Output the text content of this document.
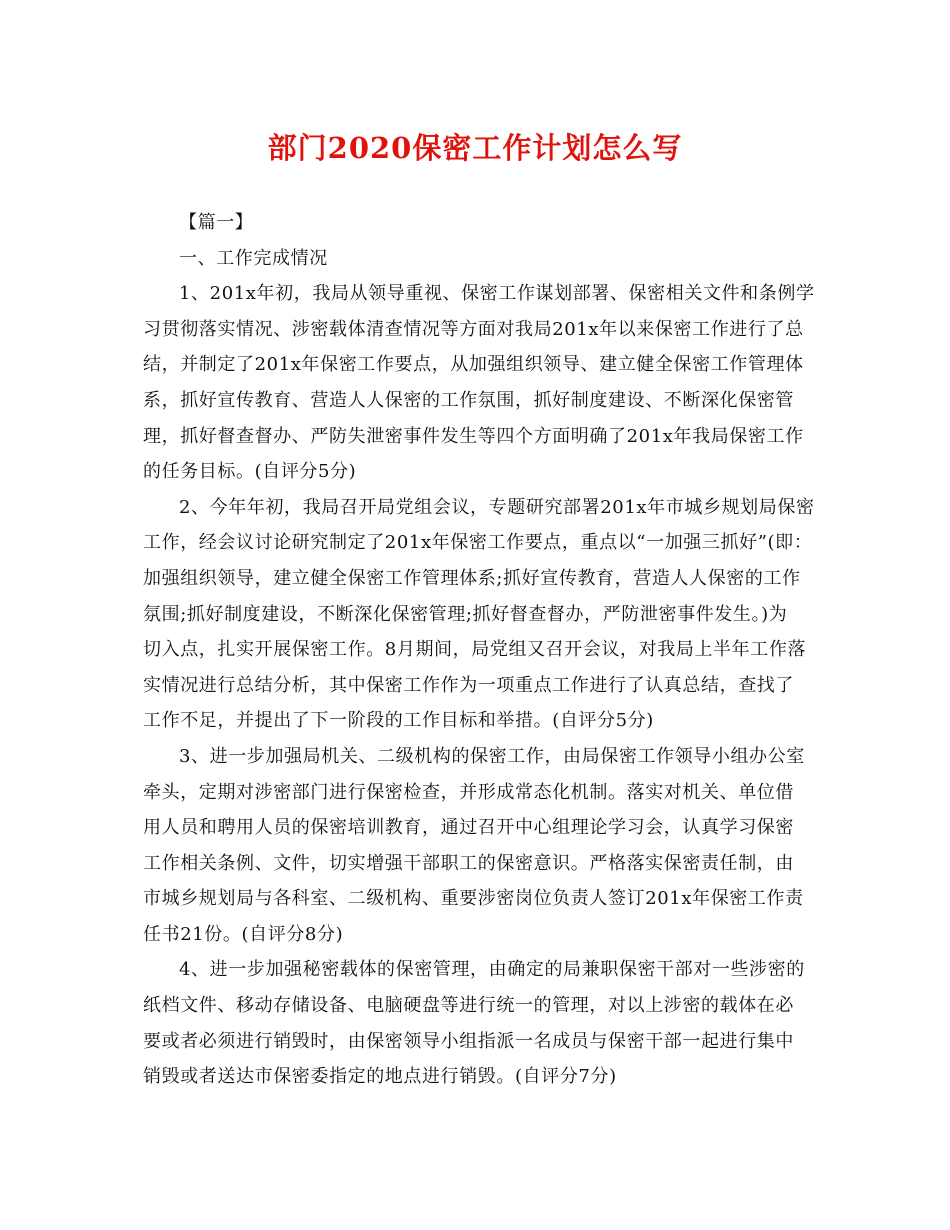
部门2020保密工作计划怎么写
【篇一】
一、工作完成情况
1、201x年初，我局从领导重视、保密工作谋划部署、保密相关文件和条例学
习贯彻落实情况、涉密载体清查情况等方面对我局201x年以来保密工作进行了总
结，并制定了201x年保密工作要点，从加强组织领导、建立健全保密工作管理体
系，抓好宣传教育、营造人人保密的工作氛围，抓好制度建设、不断深化保密管
理，抓好督查督办、严防失泄密事件发生等四个方面明确了201x年我局保密工作
的任务目标。(自评分5分)
2、今年年初，我局召开局党组会议，专题研究部署201x年市城乡规划局保密
工作，经会议讨论研究制定了201x年保密工作要点，重点以“一加强三抓好”(即：
加强组织领导，建立健全保密工作管理体系;抓好宣传教育，营造人人保密的工作
氛围;抓好制度建设，不断深化保密管理;抓好督查督办，严防泄密事件发生。)为
切入点，扎实开展保密工作。8月期间，局党组又召开会议，对我局上半年工作落
实情况进行总结分析，其中保密工作作为一项重点工作进行了认真总结，查找了
工作不足，并提出了下一阶段的工作目标和举措。(自评分5分)
3、进一步加强局机关、二级机构的保密工作，由局保密工作领导小组办公室
牵头，定期对涉密部门进行保密检查，并形成常态化机制。落实对机关、单位借
用人员和聘用人员的保密培训教育，通过召开中心组理论学习会，认真学习保密
工作相关条例、文件，切实增强干部职工的保密意识。严格落实保密责任制，由
市城乡规划局与各科室、二级机构、重要涉密岗位负责人签订201x年保密工作责
任书21份。(自评分8分)
4、进一步加强秘密载体的保密管理，由确定的局兼职保密干部对一些涉密的
纸档文件、移动存储设备、电脑硬盘等进行统一的管理，对以上涉密的载体在必
要或者必须进行销毁时，由保密领导小组指派一名成员与保密干部一起进行集中
销毁或者送达市保密委指定的地点进行销毁。(自评分7分)
